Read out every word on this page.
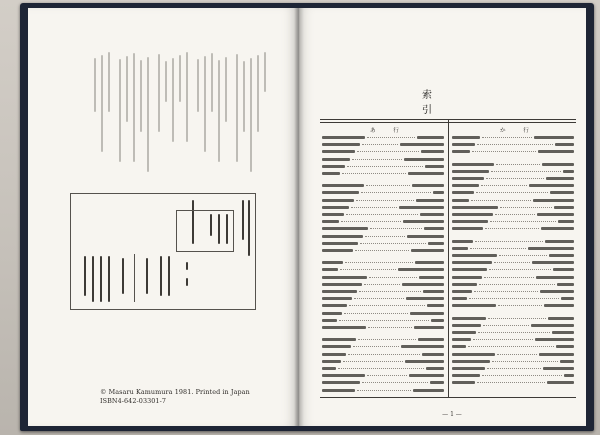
© Masaru Kamumura 1981. Printed in Japan
ISBN4-642-03301-7
索　引
あ　行	か　行
— 1 —
